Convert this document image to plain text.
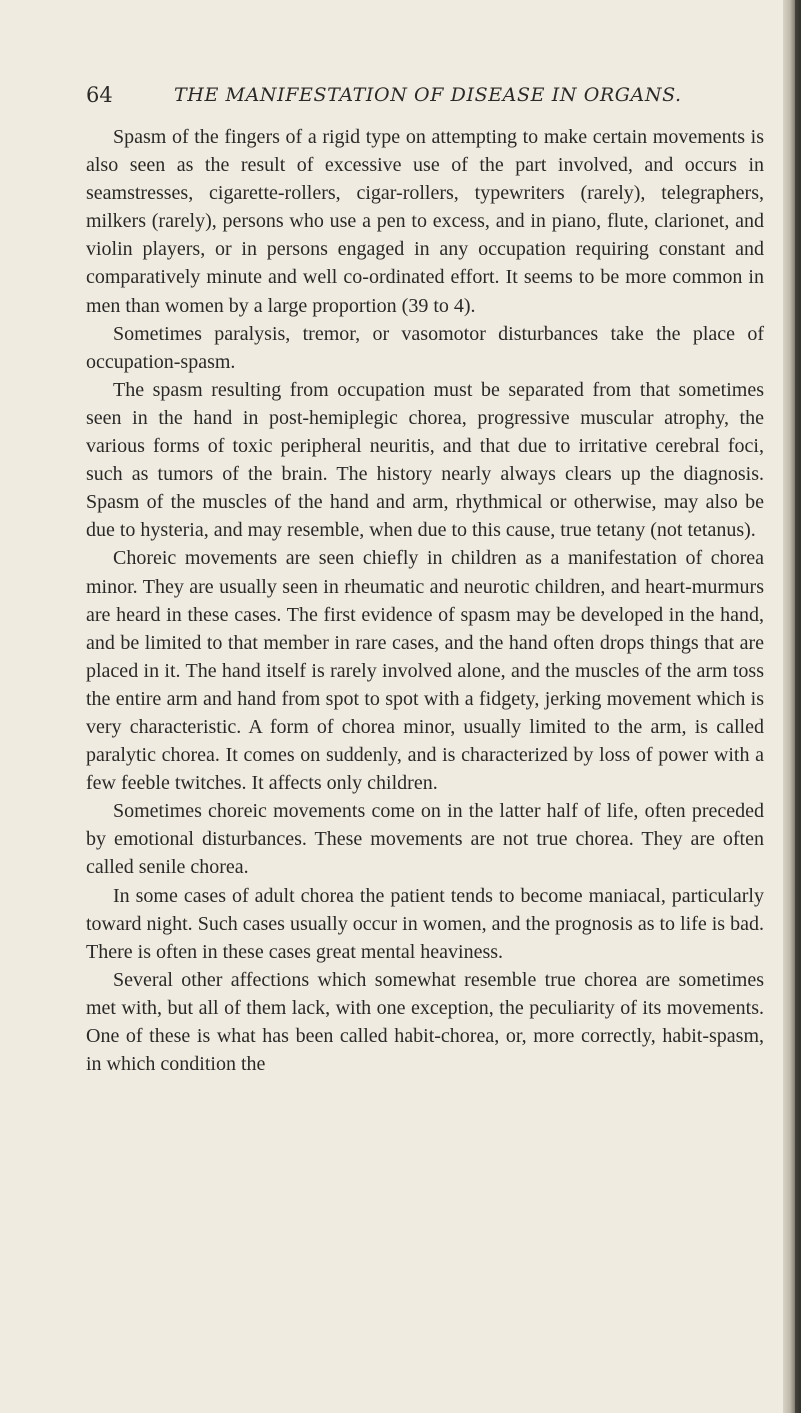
64	THE MANIFESTATION OF DISEASE IN ORGANS.

Spasm of the fingers of a rigid type on attempting to make certain movements is also seen as the result of excessive use of the part involved, and occurs in seamstresses, cigarette-rollers, cigar-rollers, typewriters (rarely), telegraphers, milkers (rarely), persons who use a pen to excess, and in piano, flute, clarionet, and violin players, or in persons engaged in any occupation requiring constant and comparatively minute and well co-ordinated effort. It seems to be more common in men than women by a large proportion (39 to 4).

Sometimes paralysis, tremor, or vasomotor disturbances take the place of occupation-spasm.

The spasm resulting from occupation must be separated from that sometimes seen in the hand in post-hemiplegic chorea, progressive muscular atrophy, the various forms of toxic peripheral neuritis, and that due to irritative cerebral foci, such as tumors of the brain. The history nearly always clears up the diagnosis. Spasm of the muscles of the hand and arm, rhythmical or otherwise, may also be due to hysteria, and may resemble, when due to this cause, true tetany (not tetanus).

Choreic movements are seen chiefly in children as a manifestation of chorea minor. They are usually seen in rheumatic and neurotic children, and heart-murmurs are heard in these cases. The first evidence of spasm may be developed in the hand, and be limited to that member in rare cases, and the hand often drops things that are placed in it. The hand itself is rarely involved alone, and the muscles of the arm toss the entire arm and hand from spot to spot with a fidgety, jerking movement which is very characteristic. A form of chorea minor, usually limited to the arm, is called paralytic chorea. It comes on suddenly, and is characterized by loss of power with a few feeble twitches. It affects only children.

Sometimes choreic movements come on in the latter half of life, often preceded by emotional disturbances. These movements are not true chorea. They are often called senile chorea.

In some cases of adult chorea the patient tends to become maniacal, particularly toward night. Such cases usually occur in women, and the prognosis as to life is bad. There is often in these cases great mental heaviness.

Several other affections which somewhat resemble true chorea are sometimes met with, but all of them lack, with one exception, the peculiarity of its movements. One of these is what has been called habit-chorea, or, more correctly, habit-spasm, in which condition the
